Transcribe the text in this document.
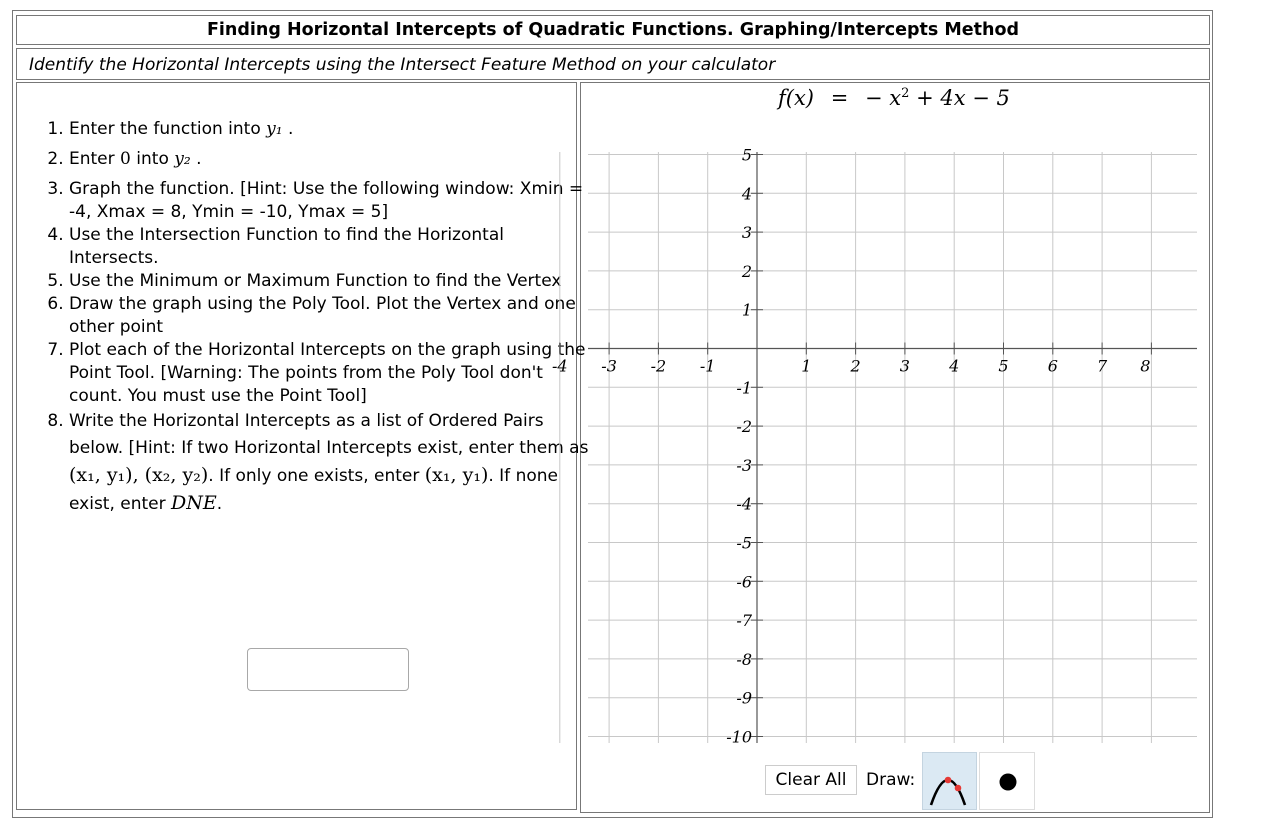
Finding Horizontal Intercepts of Quadratic Functions. Graphing/Intercepts Method
Identify the Horizontal Intercepts using the Intersect Feature Method on your calculator
1. Enter the function into y₁ .
2. Enter 0 into y₂ .
3. Graph the function. [Hint: Use the following window: Xmin = -4, Xmax = 8, Ymin = -10, Ymax = 5]
4. Use the Intersection Function to find the Horizontal Intersects.
5. Use the Minimum or Maximum Function to find the Vertex
6. Draw the graph using the Poly Tool. Plot the Vertex and one other point
7. Plot each of the Horizontal Intercepts on the graph using the Point Tool. [Warning: The points from the Poly Tool don't count. You must use the Point Tool]
8. Write the Horizontal Intercepts as a list of Ordered Pairs below. [Hint: If two Horizontal Intercepts exist, enter them as (x₁, y₁), (x₂, y₂). If only one exists, enter (x₁, y₁). If none exist, enter DNE.
f(x) = − $x^2 + 4x - 5$
-4 -3 -2 -1	1 2 3 4 5 6 7 8
5
4
3
2
1
-1
-2
-3
-4
-5
-6
-7
-8
-9
-10
Clear All	Draw:
